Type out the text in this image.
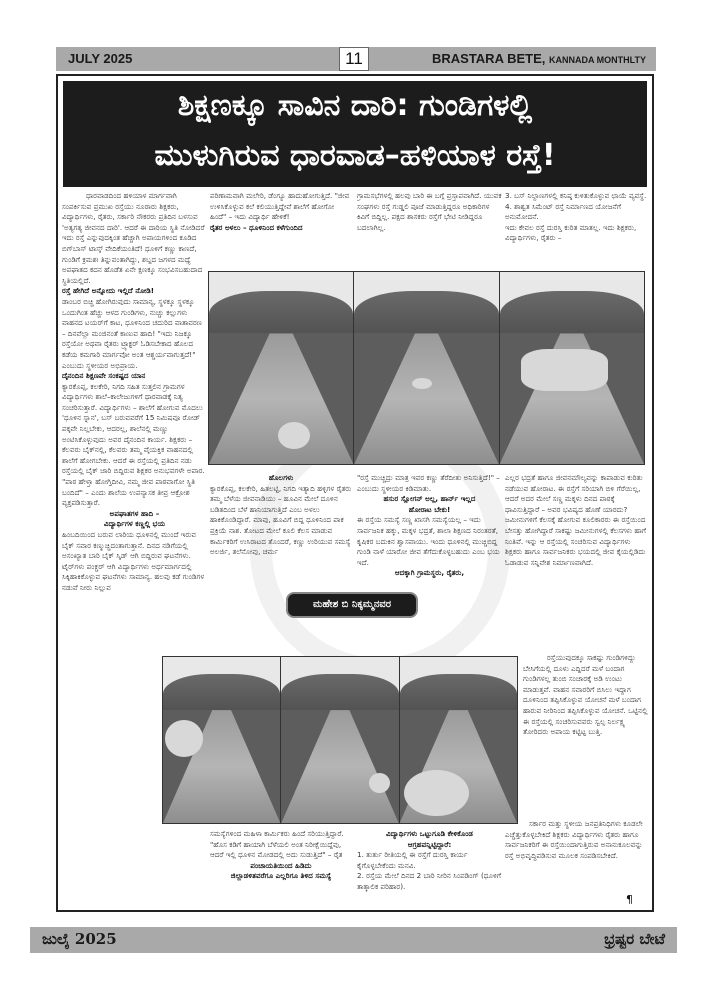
JULY 2025	11	BRASTARA BETE, KANNADA MONTHLTY
ಶಿಕ್ಷಣಕ್ಕೂ ಸಾವಿನ ದಾರಿ: ಗುಂಡಿಗಳಲ್ಲಿ
ಮುಳುಗಿರುವ ಧಾರವಾಡ–ಹಳಿಯಾಳ ರಸ್ತೆ!

ಧಾರವಾಡದಿಂದ ಹಳಿಯಾಳ ಮಾರ್ಗವಾಗಿ ಸಂಪರ್ಕಿಸುವ ಪ್ರಮುಖ ರಸ್ತೆಯು ನೂರಾರು ಶಿಕ್ಷಕರು, ವಿದ್ಯಾರ್ಥಿಗಳು, ರೈತರು, ಸರ್ಕಾರಿ ನೌಕರರು ಪ್ರತಿದಿನ ಬಳಸುವ 'ಅತ್ಯಗತ್ಯ ಜೀವನದ ದಾರಿ'. ಆದರೆ ಈ ದಾರಿಯ ಸ್ಥಿತಿ ನೋಡಿದರೆ ಇದು ರಸ್ತೆ ಎನ್ನುವುದಕ್ಕಿಂತ ಹೆಚ್ಚಾಗಿ ಅಪಾಯಗಳಿಂದ ಕೂಡಿದ ಬಿಗ್‌ಬಾಸ್ ಟಾಸ್ಕ್ ವೇದಿಕೆಯಂತಿದೆ! ಧೂಳಿಗೆ ಕಣ್ಣು ಕಾಣದೆ, ಗುಂಡಿಗೆ ಕ್ರಮಶಃ ತಿನ್ನುವಂತಾಗಿದ್ದು, ಶಬ್ದದ ಜಗಳದ ಮಧ್ಯೆ ಅಪಘಾತದ ಕದನ ಹೊಡೆತ ಏನೇ ಕ್ಷಣಕ್ಕೂ ಸಂಭವಿಸಬಹುದಾದ ಸ್ಥಿತಿಯಲ್ಲಿದೆ.

ರಸ್ತೆ ಹೇಗಿದೆ ಅನ್ನೋದು ಇಲ್ಲಿದೆ ನೋಡಿ!

ಡಾಂಬರ ಬಿಚ್ಚಿ ಹೋಗಿರುವುದು ಸಾಮಾನ್ಯ, ಸ್ಥಳಕ್ಕೂ ಸ್ಥಳಕ್ಕೂ ಒಂದುಗಿಂತ ಹೆಚ್ಚು ಆಳದ ಗುಂಡಿಗಳು, ನುಚ್ಚು ಕಲ್ಲುಗಳು ವಾಹನದ ಟಯರ್‌ಗೆ ಕಾಟ, ಧೂಳಿನಿಂದ ಚದುರಿದ ವಾತಾವರಣ – ದಿನವೆಲ್ಲಾ ಮಂಜಿನಂತೆ ಕಾಣುವ ಹಾದಿ! "ಇದು ನಿಜಕ್ಕೂ ರಸ್ತೆಯೋ ಅಥವಾ ರೈತರು ಟ್ರ್ಯಾಕ್ಟರ್ ಓಡಿಸಬೇಕಾದ ಹೊಲದ ಕಡೆಯ ಕಮಗಾರಿ ಮಾರ್ಗವೋ ಅಂತ ಆಶ್ಚರ್ಯವಾಗುತ್ತದೆ!" ಎಂಬುದು ಸ್ಥಳೀಯರ ಅಭಿಪ್ರಾಯ.

ದೈನಂದಿನ ಶಿಕ್ಷಣವೇ ಸಂಕಷ್ಟದ ಯಾನ

ಕ್ಯಾರಕೊಪ್ಪ, ಕಲಕೇರಿ, ನಿಗದಿ ಸಹಿತ ಸುತ್ತಲಿನ ಗ್ರಾಮಗಳ ವಿದ್ಯಾರ್ಥಿಗಳು ಶಾಲೆ–ಕಾಲೇಜುಗಳಿಗೆ ಧಾರವಾಡಕ್ಕೆ ನಿತ್ಯ ಸಂಚರಿಸುತ್ತಾರೆ. ವಿದ್ಯಾರ್ಥಿಗಳು – ಶಾಲೆಗೆ ಹೋಗುವ ಮೊದಲು 'ಧೂಳಿನ ಸ್ನಾನ', ಬಸ್ ಬರುವವರೆಗೆ 15 ನಿಮಿಷವೂ ರೋಡ್ ಪಕ್ಕವೇ ನಿಲ್ಲಬೇಕು, ಆದರಲ್ಲ, ಶಾಲೆನಲ್ಲಿ ಮಣ್ಣು ಅಂಟಿಸಿಕೊಳ್ಳುವುದು ಅವರ ದೈನಂದಿನ ಕಾರ್ಯ. ಶಿಕ್ಷಕರು – ಕೆಲವರು ಬೈಕ್‌ನಲ್ಲಿ, ಕೆಲವರು ತಮ್ಮ ವೈಯಕ್ತಿಕ ವಾಹನದಲ್ಲಿ ಶಾಲೆಗೆ ಹೋಗಬೇಕು. ಆದರೆ ಈ ರಸ್ತೆಯಲ್ಲಿ ಪ್ರತಿದಿನ ನಡು ರಸ್ತೆಯಲ್ಲಿ ಬೈಕ್ ಜಾರಿ ಬಿದ್ದಿರುವ ಶಿಕ್ಷಕರ ಅನುಭವಗಳೇ ಅಪಾರ. "ಪಾಠ ಹೇಳ್ತಾ ಹೋಗ್ತಿದೀವಿ, ನಮ್ಮ ಜೀವ ಪಾಠವಾಗೋ ಸ್ಥಿತಿ ಬಂದಿದೆ" – ಎಂದು ಶಾಲೆಯ ಉಪನ್ಯಾಸಕ ತೀವ್ರ ಆಕ್ರೋಶ ವ್ಯಕ್ತಪಡಿಸುತ್ತಾರೆ.

ಅಪಘಾತಗಳ ಹಾದಿ –

ವಿದ್ಯಾರ್ಥಿಗಳ ಕಣ್ಣಲ್ಲಿ ಭಯ

ಹಿಂಬದಿಯಿಂದ ಬರುವ ಲಾರಿಯ ಧೂಳಿನಲ್ಲಿ ಮುಂದೆ ಇರುವ ಬೈಕ್ ಸವಾರ ಕಣ್ಮುಚ್ಚಿದಂತಾಗುತ್ತಾನೆ. ದಿನದ ನಡಿಗೆಯಲ್ಲಿ ಅಸಂಖ್ಯಾತ ಬಾರಿ ಬೈಕ್ ಸ್ಕಿಡ್ ಆಗಿ ಬಿದ್ದಿರುವ ಘಟನೆಗಳು. ಟೈರ್‌ಗಳು ಪಂಕ್ಚರ್ ಆಗಿ ವಿದ್ಯಾರ್ಥಿಗಳು ಅರ್ಧಮಾರ್ಗದಲ್ಲಿ ಸಿಕ್ಕಿಹಾಕಿಕೊಳ್ಳುವ ಘಟನೆಗಳು ಸಾಮಾನ್ಯ. ಹಲವು ಕಡೆ ಗುಂಡಿಗಳ ನಡುವೆ ನೀರು ನಿಲ್ಲುವ

ಪರಿಣಾಮವಾಗಿ ಮಲೇರಿ, ಡೆಂಗ್ಯೂ ಹಾದುಹೋಗುತ್ತಿದೆ. "ಜೀವ ಉಳಿಸಿಕೊಳ್ಳುವ ಕಲೆ ಕಲಿಯುತ್ತಿದ್ದೇವೆ ಶಾಲೆಗೆ ಹೋಗೋ ಹಿಂದೆ" – ಇದು ವಿದ್ಯಾರ್ಥಿ ಹೇಳಿಕೆ!

ರೈತರ ಅಳಲು – ಧೂಳಿನಿಂದ ಕಳೆಗುಂದಿದ

ಗ್ರಾಮಸಭೆಗಳಲ್ಲಿ ಹಲವು ಬಾರಿ ಈ ಬಗ್ಗೆ ಪ್ರಸ್ತಾಪವಾಗಿದೆ. ಯುವಕ ಸಂಘಗಳು ರಸ್ತೆ ಗುಡ್ಡಲಿ ಪೂಜೆ ಮಾಡುತ್ತಿದ್ದರೂ ಅಧಿಕಾರಿಗಳ ಕಿವಿಗೆ ಬಿದ್ದಿಲ್ಲ. ಪಕ್ಷದ ಶಾಸಕರು ರಸ್ತೆಗೆ ಭೇಟಿ ನೀಡಿದ್ದರೂ ಬದಲಾಗಿಲ್ಲ.

3. ಬಸ್ ನಿಲ್ದಾಣಗಳಲ್ಲಿ ಕನಿಷ್ಠ ಕುಳಿತುಕೊಳ್ಳುವ ಛಾಯೆ ವ್ಯವಸ್ಥೆ.

4. ಶಾಶ್ವತ ಸಿಮೆಂಟ್ ರಸ್ತೆ ನಿರ್ಮಾಣದ ಯೋಜನೆಗೆ ಅನುಮೋದನೆ.

ಇದು ಕೇವಲ ರಸ್ತೆ ದುರಸ್ತಿ ಕುರಿತ ಮಾತಲ್ಲ. ಇದು ಶಿಕ್ಷಕರು, ವಿದ್ಯಾರ್ಥಿಗಳು, ರೈತರು –

ಹೊಲಗಳು

ಕ್ಯಾರಕೊಪ್ಪ, ಕಲಕೇರಿ, ಹಿತಲಟ್ಟಿ, ನಿಗದಿ ಇತ್ಯಾದಿ ಹಳ್ಳಿಗಳ ರೈತರು ತಮ್ಮ ಬೆಳೆಯ ಜೀವನಾಡಿಯು – ಹೂವಿನ ಮೇಲೆ ದೂಳಿನ ಬಡಿತದಿಂದ ಬೆಳೆ ಹಾನಿಯಾಗುತ್ತಿದೆ ಎಂಬ ಅಳಲು ಹಾಕಿಕೊಂಡಿದ್ದಾರೆ. ಮಾವು, ಹೂವಿಗೆ ಬಿದ್ದ ಧೂಳಿನಿಂದ ಪಾಕ ಪ್ರಕ್ರಿಯೆ ನಾಶ. ತೋಟದ ಮೇಲೆ ಕೂಲಿ ಕೆಲಸ ಮಾಡುವ ಕಾರ್ಮಿಕರಿಗೆ ಉಸಿರಾಟದ ತೊಂದರೆ, ಕಣ್ಣು ಉರಿಯುವ ಸಮಸ್ಯೆ ಅಲರ್ಜಿ, ತಲೆನೋವು, ಚರ್ಮ

ಮಹೇಶ ಬಿ ನಿಕ್ಕಮ್ಮನವರ

"ರಸ್ತೆ ಮುಚ್ಚಿದ್ರು ಮಾತ್ರ ಇವರ ಕಣ್ಣು ತೆರೆದೀತು ಅನಿಸುತ್ತಿದೆ!" – ಎಂಬುದು ಸ್ಥಳೀಯರ ಕಿಡಿಮಾತು.

ಹಸುರ ಸ್ಲೋಗನ್ ಅಲ್ಲ, ಹಾರ್ನ್ ಇಲ್ಲದ

ಹೋರಾಟ ಬೇಕು!

ಈ ರಸ್ತೆಯ ಸಮಸ್ಯೆ ಸಣ್ಣ ಖಾಸಗಿ ಸಮಸ್ಯೆಯಲ್ಲ – ಇದು ಸಾರ್ವಜನಿಕ ಹಕ್ಕು, ಮಕ್ಕಳ ಭದ್ರತೆ, ಶಾಲಾ ಶಿಕ್ಷಣದ ನಿರಂತರತೆ, ಕೃಷಿಕರ ಬದುಕಿನ ಶ್ವಾಸವಾಯು. ಇಂದು ಧೂಳಿನಲ್ಲಿ ಮುಚ್ಚಿಬಿದ್ದ ಗುಂಡಿ ನಾಳೆ ಯಾರೋ ಜೀವ ತೆಗೆದುಕೊಳ್ಳಬಹುದು ಎಂಬ ಭಯ ಇದೆ.

ಆದಕ್ಕಾಗಿ ಗ್ರಾಮಸ್ಥರು, ರೈತರು,

ಎಲ್ಲರ ಭದ್ರತೆ ಹಾಗೂ ಜೀವನಮೌಲ್ಯವನ್ನು ಕಾಪಾಡುವ ಕುರಿತು ನಡೆಯುವ ಹೋರಾಟ. ಈ ರಸ್ತೆಗೆ ಸರಿಯಾಗಿ ಬಿಳಿ ಗೆರೆಯಿಲ್ಲ, ಆದರೆ ಅದರ ಮೇಲೆ ಸಣ್ಣ ಮಕ್ಕಳು ದಿನದ ಪಾಠಕ್ಕೆ ಧಾವಿಸುತ್ತಿದ್ದಾರೆ – ಅವರ ಭವಿಷ್ಯದ ಹೊಣೆ ಯಾರದು? ಜಮೀನುಗಳಿಗೆ ಕೆಲಸಕ್ಕೆ ಹೋಗುವ ಕೂಲಿಕಾರರು ಈ ರಸ್ತೆಯಿಂದ ಬೇಸತ್ತು ಹೋಗಿದ್ದಾರೆ ಸಾಕಷ್ಟು ಜಮೀನುಗಳಲ್ಲಿ ಕೆಲಸಗಳು ಹಾಗೆ ನಿಂತಿವೆ. ಇನ್ನು ಆ ರಸ್ತೆಯಲ್ಲಿ ಸಂಚರಿಸುವ ವಿದ್ಯಾರ್ಥಿಗಳು ಶಿಕ್ಷಕರು ಹಾಗೂ ಸಾರ್ವಜನಿಕರು ಭಯದಲ್ಲಿ ಜೀವ ಕೈಯಲ್ಲಿಡಿದು ಓಡಾಡುವ ಸನ್ನಿವೇಶ ನಿರ್ಮಾಣವಾಗಿದೆ.

ರಸ್ತೆಯುವುದಕ್ಕೂ ಸಾಕಷ್ಟು ಗುಂಡಿಗಳಿದ್ದು ಬೇಸಿಗೆಯಲ್ಲಿ ದೂಳು ಎದ್ದಿದರೆ ಮಳೆ ಬಂದಾಗ ಗುಂಡಿಗಳಲ್ಲ ತುಂಬಿ ಸಂಚಾರಕ್ಕೆ ಅಡಿ ಉಂಟು ಮಾಡುತ್ತವೆ. ವಾಹನ ಸವಾರರಿಗೆ ಬಿಸಿಲು ಇದ್ದಾಗ ದೂಳಿನಿಂದ ತಪ್ಪಿಸಿಕೊಳ್ಳುವ ಯೋಚನೆ ಮಳೆ ಬಂದಾಗ ಹಾರುವ ನೀರಿನಿಂದ ತಪ್ಪಿಸಿಕೊಳ್ಳುವ ಯೋಚನೆ. ಒಟ್ಟಿನಲ್ಲಿ ಈ ರಸ್ತೆಯಲ್ಲಿ ಸಂಚರಿಸುವವರು ಸ್ವಲ್ಪ ನಿರ್ಲಕ್ಷ್ಯ ತೋರಿದರು ಅಪಾಯ ಕಟ್ಟಿಟ್ಟ ಬುತ್ತಿ.

ಸಮಸ್ಯೆಗಳಿಂದ ಮಹಿಳಾ ಕಾರ್ಮಿಕರು ಹಿಂದೆ ಸರಿಯುತ್ತಿದ್ದಾರೆ. "ಹೊಸ ಕಡಿಗೆ ಹಾಯಾಗಿ ಬೆಳೆಯಲಿ ಅಂತ ನಿರೀಕ್ಷೆಯಿದ್ದೆವು, ಆದರೆ ಇಲ್ಲಿ ಧೂಳಿನ ಮೋಡದಲ್ಲಿ ಅದು ಸುಡುತ್ತಿದೆ" – ರೈತ

ಪಂಚಾಯತಿಯಿಂದ ಹಿಡಿದು

ಜಿಲ್ಲಾಡಳಿತವರೆಗೂ ಎಲ್ಲರಿಗೂ ತಿಳಿದ ಸಮಸ್ಯೆ

ವಿದ್ಯಾರ್ಥಿಗಳು ಒಟ್ಟುಗೂಡಿ ಕೇಳಿಕೊಂಡ

ಆಗ್ರಹವನ್ನಿಟ್ಟಿದ್ದಾರೆ:

1. ತುರ್ತು ರೀತಿಯಲ್ಲಿ ಈ ರಸ್ತೆಗೆ ದುರಸ್ತಿ ಕಾರ್ಯ ಕೈಗೊಳ್ಳಬೇಕೆಂದು ಮನವಿ.

2. ರಸ್ತೆಯ ಮೇಲೆ ದಿನದ 2 ಬಾರಿ ನೀರಿನ ಸಿಂಪಡಿಂಗ್ (ಧೂಳಿಗೆ ತಾತ್ಕಾಲಿಕ ಪರಿಹಾರ).

ಸರ್ಕಾರ ಮತ್ತು ಸ್ಥಳೀಯ ಜನಪ್ರತಿನಿಧಿಗಳು ಕೂಡಲೇ ಎಚ್ಚೆತ್ತುಕೊಳ್ಳಬೇಕಿದೆ ಶಿಕ್ಷಕರು ವಿದ್ಯಾರ್ಥಿಗಳು ರೈತರು ಹಾಗೂ ಸಾರ್ವಜನಿಕರಿಗೆ ಈ ರಸ್ತೆಯಿಂದಾಗುತ್ತಿರುವ ಅನಾನುಕೂಲವನ್ನು ರಸ್ತೆ ಅಭಿವೃದ್ಧಿಪಡಿಸುವ ಮೂಲಕ ಸಂಪಡಿಸಬೇಕಿದೆ.

¶
ಜುಲೈ 2025	ಭ್ರಷ್ಟರ ಬೇಟೆ
